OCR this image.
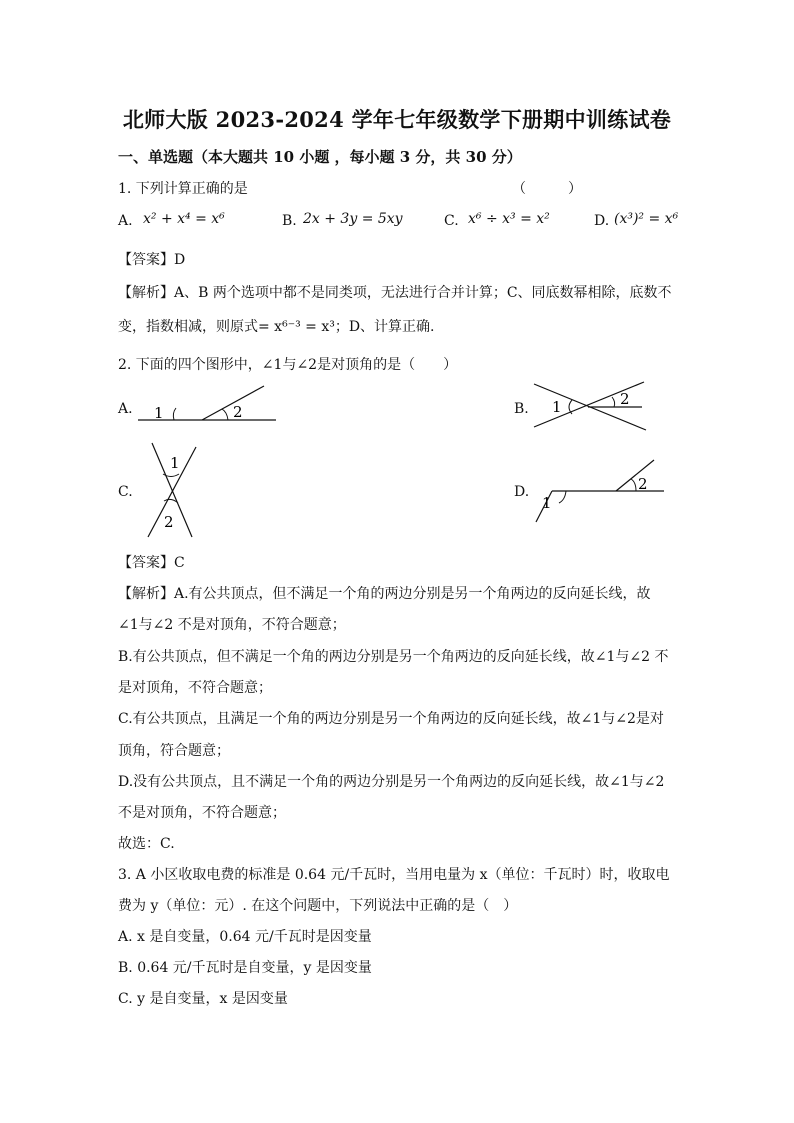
北师大版 2023-2024 学年七年级数学下册期中训练试卷
一、单选题（本大题共 10 小题 ，每小题 3 分，共 30 分）
1. 下列计算正确的是	（　　　）
A. x² + x⁴ = x⁶	B. 2x + 3y = 5xy	C. x⁶ ÷ x³ = x²	D. (x³)² = x⁶
【答案】D
【解析】A、B 两个选项中都不是同类项，无法进行合并计算；C、同底数幂相除，底数不
变，指数相减，则原式= x⁶⁻³ = x³；D、计算正确.
2. 下面的四个图形中，∠1与∠2是对顶角的是（　　）
A. 1	2	B. 1	2
C.
1
2
D.
1
2
【答案】C
【解析】A.有公共顶点，但不满足一个角的两边分别是另一个角两边的反向延长线，故
∠1与∠2 不是对顶角，不符合题意；
B.有公共顶点，但不满足一个角的两边分别是另一个角两边的反向延长线，故∠1与∠2 不
是对顶角，不符合题意；
C.有公共顶点，且满足一个角的两边分别是另一个角两边的反向延长线，故∠1与∠2是对
顶角，符合题意；
D.没有公共顶点，且不满足一个角的两边分别是另一个角两边的反向延长线，故∠1与∠2
不是对顶角，不符合题意；
故选：C.
3. A 小区收取电费的标准是 0.64 元/千瓦时，当用电量为 x（单位：千瓦时）时，收取电
费为 y（单位：元）. 在这个问题中，下列说法中正确的是（　）
A. x 是自变量，0.64 元/千瓦时是因变量
B. 0.64 元/千瓦时是自变量，y 是因变量
C. y 是自变量，x 是因变量
